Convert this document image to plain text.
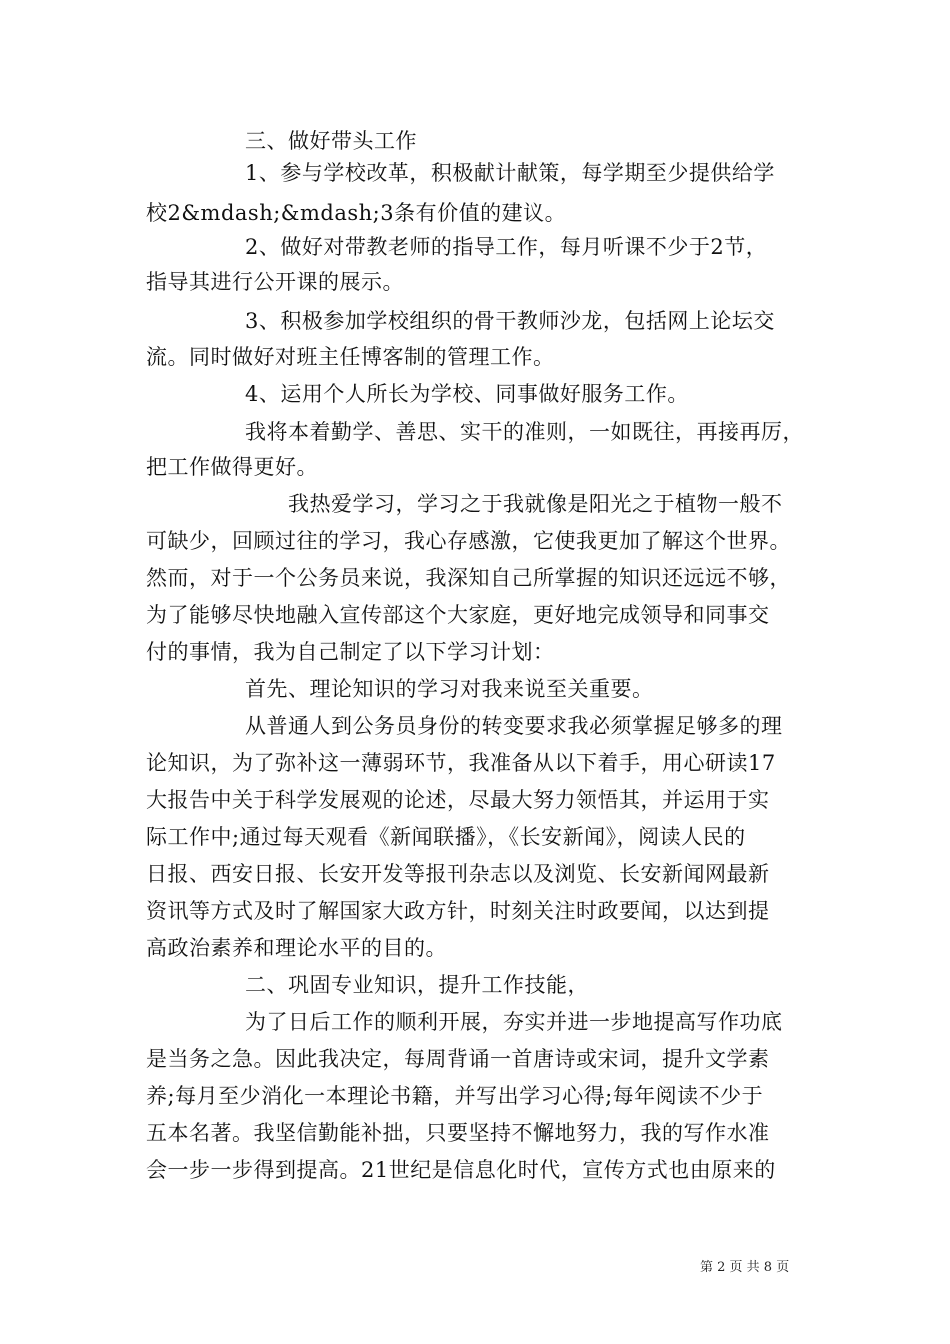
三、做好带头工作
1、参与学校改革，积极献计献策，每学期至少提供给学
校2&mdash;&mdash;3条有价值的建议。
2、做好对带教老师的指导工作，每月听课不少于2节，
指导其进行公开课的展示。
3、积极参加学校组织的骨干教师沙龙，包括网上论坛交
流。同时做好对班主任博客制的管理工作。
4、运用个人所长为学校、同事做好服务工作。
我将本着勤学、善思、实干的准则，一如既往，再接再厉，
把工作做得更好。
我热爱学习，学习之于我就像是阳光之于植物一般不
可缺少，回顾过往的学习，我心存感激，它使我更加了解这个世界。
然而，对于一个公务员来说，我深知自己所掌握的知识还远远不够，
为了能够尽快地融入宣传部这个大家庭，更好地完成领导和同事交
付的事情，我为自己制定了以下学习计划：
首先、理论知识的学习对我来说至关重要。
从普通人到公务员身份的转变要求我必须掌握足够多的理
论知识，为了弥补这一薄弱环节，我准备从以下着手，用心研读17
大报告中关于科学发展观的论述，尽最大努力领悟其，并运用于实
际工作中;通过每天观看《新闻联播》，《长安新闻》，阅读人民的
日报、西安日报、长安开发等报刊杂志以及浏览、长安新闻网最新
资讯等方式及时了解国家大政方针，时刻关注时政要闻，以达到提
高政治素养和理论水平的目的。
二、巩固专业知识，提升工作技能，
为了日后工作的顺利开展，夯实并进一步地提高写作功底
是当务之急。因此我决定，每周背诵一首唐诗或宋词，提升文学素
养;每月至少消化一本理论书籍，并写出学习心得;每年阅读不少于
五本名著。我坚信勤能补拙，只要坚持不懈地努力，我的写作水准
会一步一步得到提高。21世纪是信息化时代，宣传方式也由原来的
第 2 页 共 8 页
